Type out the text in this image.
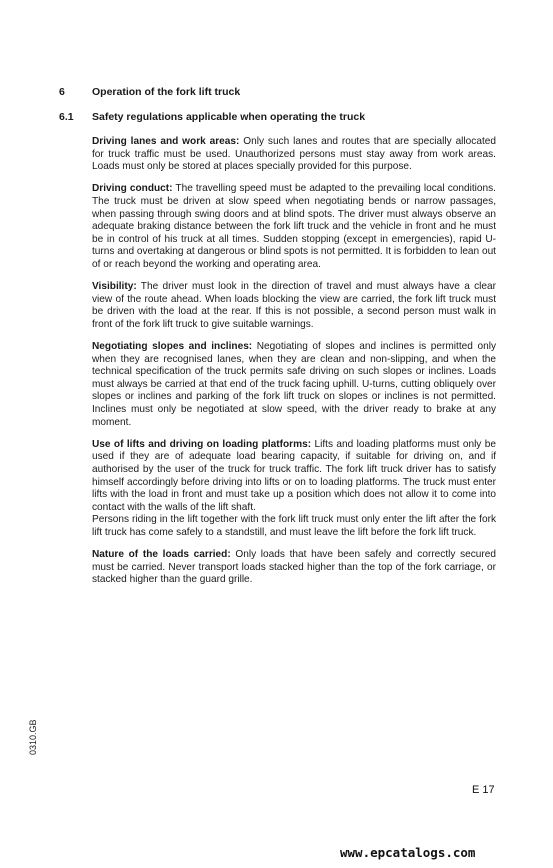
6	Operation of the fork lift truck
6.1 Safety regulations applicable when operating the truck

Driving lanes and work areas: Only such lanes and routes that are specially allocated for truck traffic must be used. Unauthorized persons must stay away from work areas. Loads must only be stored at places specially provided for this purpose.

Driving conduct: The travelling speed must be adapted to the prevailing local conditions. The truck must be driven at slow speed when negotiating bends or narrow passages, when passing through swing doors and at blind spots. The driver must always observe an adequate braking distance between the fork lift truck and the vehicle in front and he must be in control of his truck at all times. Sudden stopping (except in emergencies), rapid U-turns and overtaking at dangerous or blind spots is not permitted. It is forbidden to lean out of or reach beyond the working and operating area.

Visibility: The driver must look in the direction of travel and must always have a clear view of the route ahead. When loads blocking the view are carried, the fork lift truck must be driven with the load at the rear. If this is not possible, a second person must walk in front of the fork lift truck to give suitable warnings.

Negotiating slopes and inclines: Negotiating of slopes and inclines is permitted only when they are recognised lanes, when they are clean and non-slipping, and when the technical specification of the truck permits safe driving on such slopes or inclines. Loads must always be carried at that end of the truck facing uphill. U-turns, cutting obliquely over slopes or inclines and parking of the fork lift truck on slopes or inclines is not permitted. Inclines must only be negotiated at slow speed, with the driver ready to brake at any moment.

Use of lifts and driving on loading platforms: Lifts and loading platforms must only be used if they are of adequate load bearing capacity, if suitable for driving on, and if authorised by the user of the truck for truck traffic. The fork lift truck driver has to satisfy himself accordingly before driving into lifts or on to loading platforms. The truck must enter lifts with the load in front and must take up a position which does not allow it to come into contact with the walls of the lift shaft.
Persons riding in the lift together with the fork lift truck must only enter the lift after the fork lift truck has come safely to a standstill, and must leave the lift before the fork lift truck.

Nature of the loads carried: Only loads that have been safely and correctly secured must be carried. Never transport loads stacked higher than the top of the fork carriage, or stacked higher than the guard grille.

0310.GB
E 17
www.epcatalogs.com
